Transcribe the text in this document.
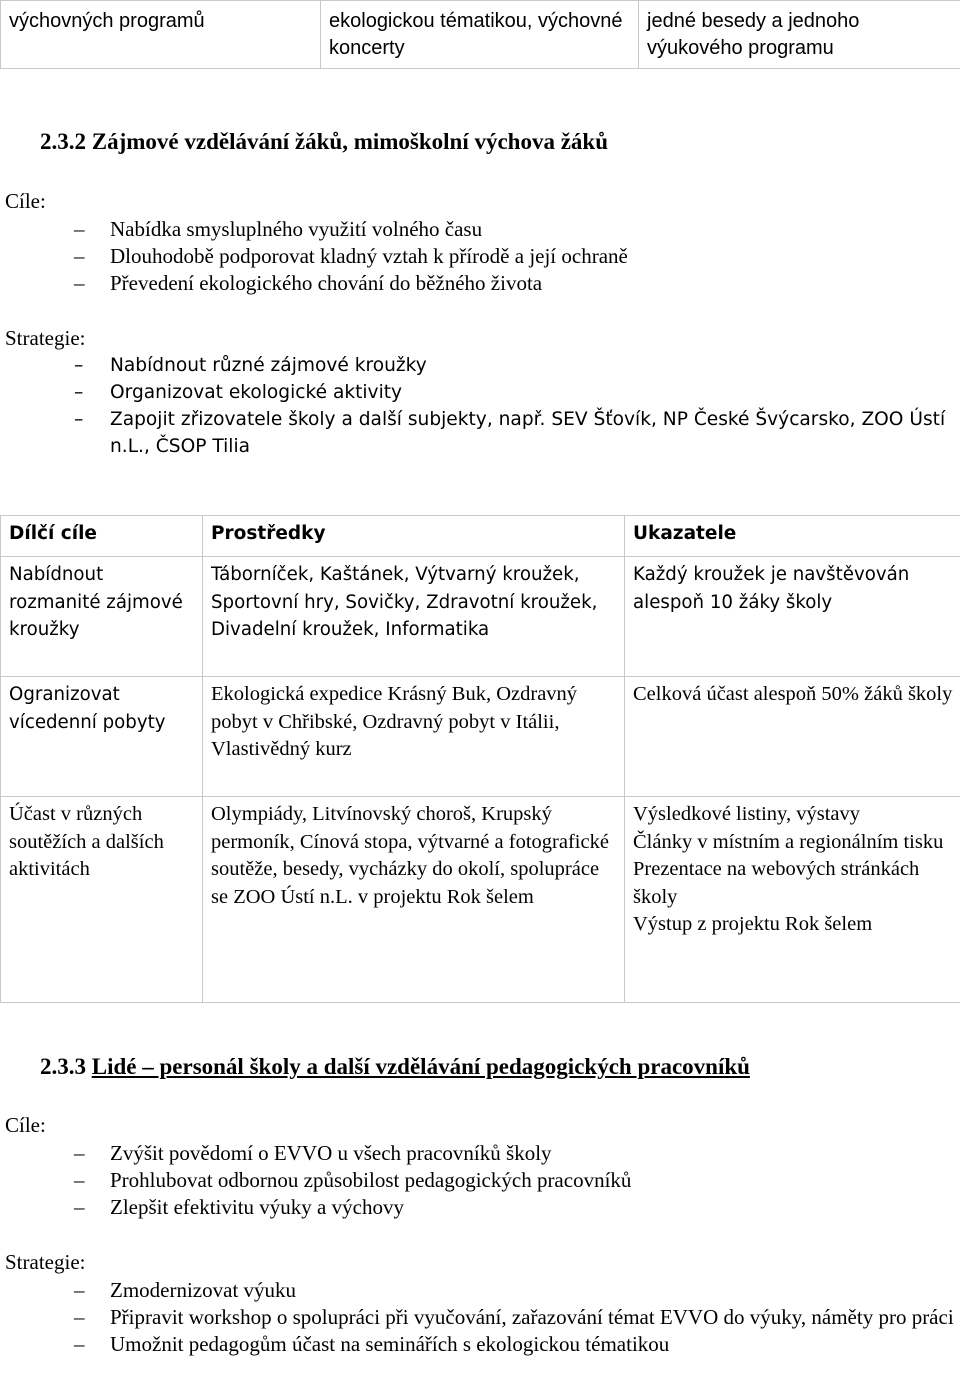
výchovných programů	ekologickou tématikou, výchovné koncerty	jedné besedy a jednoho výukového programu
2.3.2 Zájmové vzdělávání žáků, mimoškolní výchova žáků
Cíle:
– Nabídka smysluplného využití volného času
– Dlouhodobě podporovat kladný vztah k přírodě a její ochraně
– Převedení ekologického chování do běžného života
Strategie:
– Nabídnout různé zájmové kroužky
– Organizovat ekologické aktivity
– Zapojit zřizovatele školy a další subjekty, např. SEV Šťovík, NP České Švýcarsko, ZOO Ústí n.L., ČSOP Tilia
Dílčí cíle	Prostředky	Ukazatele
Nabídnout rozmanité zájmové kroužky	Táborníček, Kaštánek, Výtvarný kroužek, Sportovní hry, Sovičky, Zdravotní kroužek, Divadelní kroužek, Informatika	Každý kroužek je navštěvován alespoň 10 žáky školy
Ogranizovat vícedenní pobyty	Ekologická expedice Krásný Buk, Ozdravný pobyt v Chřibské, Ozdravný pobyt v Itálii, Vlastivědný kurz	Celková účast alespoň 50% žáků školy
Účast v různých soutěžích a dalších aktivitách	Olympiády, Litvínovský choroš, Krupský permoník, Cínová stopa, výtvarné a fotografické soutěže, besedy, vycházky do okolí, spolupráce se ZOO Ústí n.L. v projektu Rok šelem	Výsledkové listiny, výstavy
Články v místním a regionálním tisku
Prezentace na webových stránkách školy
Výstup z projektu Rok šelem
2.3.3 Lidé – personál školy a další vzdělávání pedagogických pracovníků
Cíle:
– Zvýšit povědomí o EVVO u všech pracovníků školy
– Prohlubovat odbornou způsobilost pedagogických pracovníků
– Zlepšit efektivitu výuky a výchovy
Strategie:
– Zmodernizovat výuku
– Připravit workshop o spolupráci při vyučování, zařazování témat EVVO do výuky, náměty pro práci
– Umožnit pedagogům účast na seminářích s ekologickou tématikou
